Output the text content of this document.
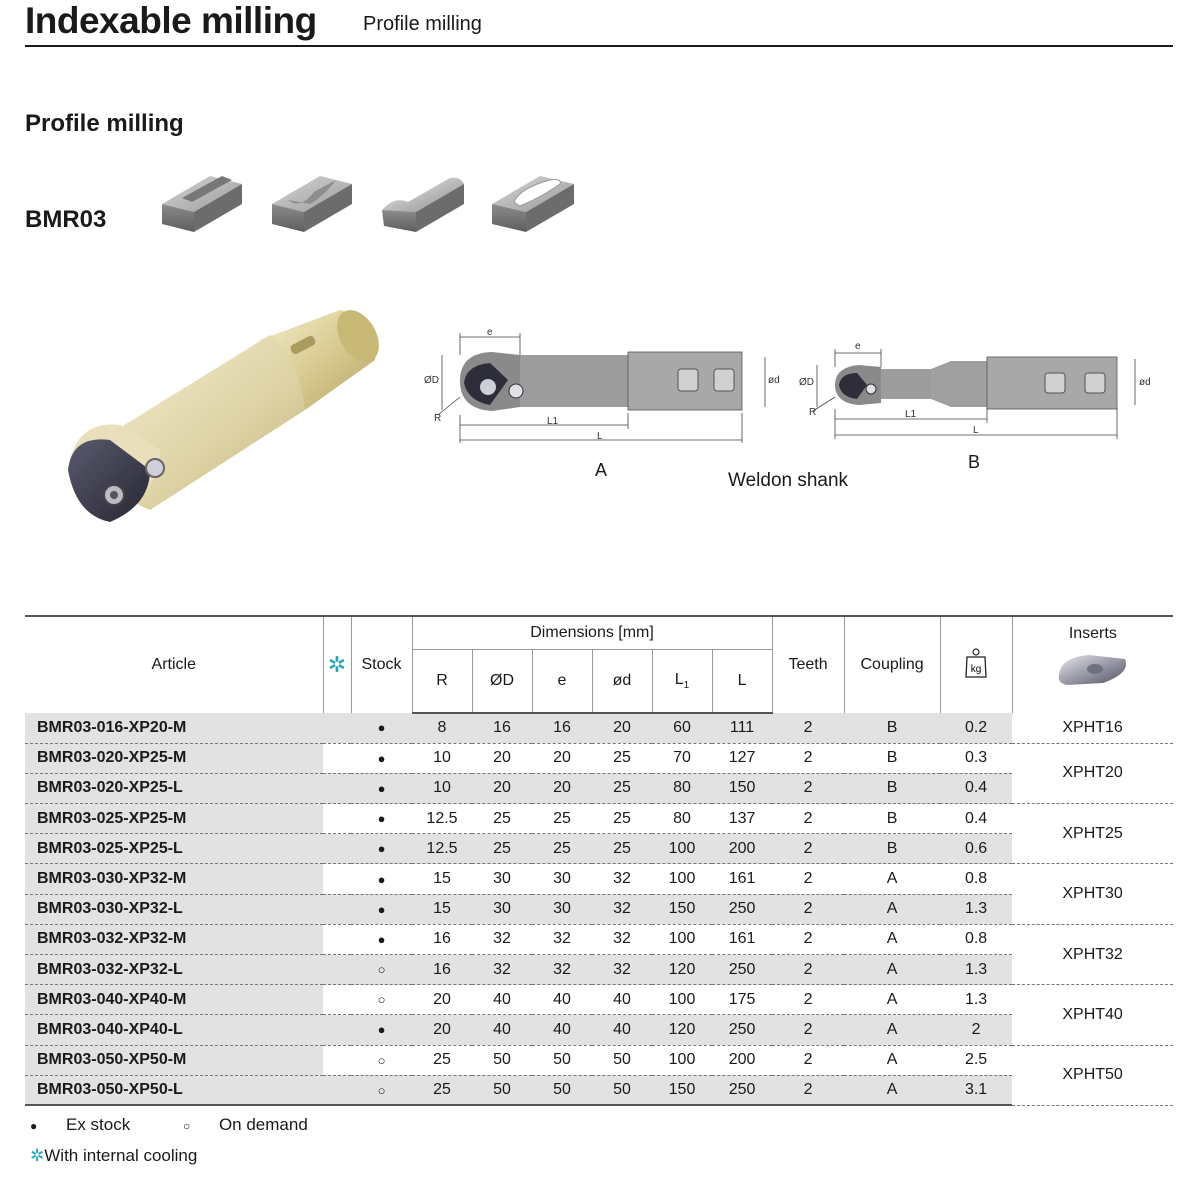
Indexable milling Profile milling
Profile milling
BMR03
e
ØD	ød
R	L1
L
A
e
ØD	ød
R	L1
L
B
Weldon shank
Article	✲	Stock	Dimensions [mm]						Teeth	Coupling	kg	Inserts

			R	ØD	e	ød	$L_1$	L				
BMR03-016-XP20-M		●	8	16	16	20	60	111	2	B	0.2	XPHT16
BMR03-020-XP25-M		●	10	20	20	25	70	127	2	B	0.3	XPHT20
BMR03-020-XP25-L		●	10	20	20	25	80	150	2	B	0.4	
BMR03-025-XP25-M		●	12.5	25	25	25	80	137	2	B	0.4	XPHT25
BMR03-025-XP25-L		●	12.5	25	25	25	100	200	2	B	0.6	
BMR03-030-XP32-M		●	15	30	30	32	100	161	2	A	0.8	XPHT30
BMR03-030-XP32-L		●	15	30	30	32	150	250	2	A	1.3	
BMR03-032-XP32-M		●	16	32	32	32	100	161	2	A	0.8	XPHT32
BMR03-032-XP32-L		○	16	32	32	32	120	250	2	A	1.3	
BMR03-040-XP40-M		○	20	40	40	40	100	175	2	A	1.3	XPHT40
BMR03-040-XP40-L		●	20	40	40	40	120	250	2	A	2	
BMR03-050-XP50-M		○	25	50	50	50	100	200	2	A	2.5	XPHT50
BMR03-050-XP50-L		○	25	50	50	50	150	250	2	A	3.1	
● Ex stock	○ On demand
✲With internal cooling
